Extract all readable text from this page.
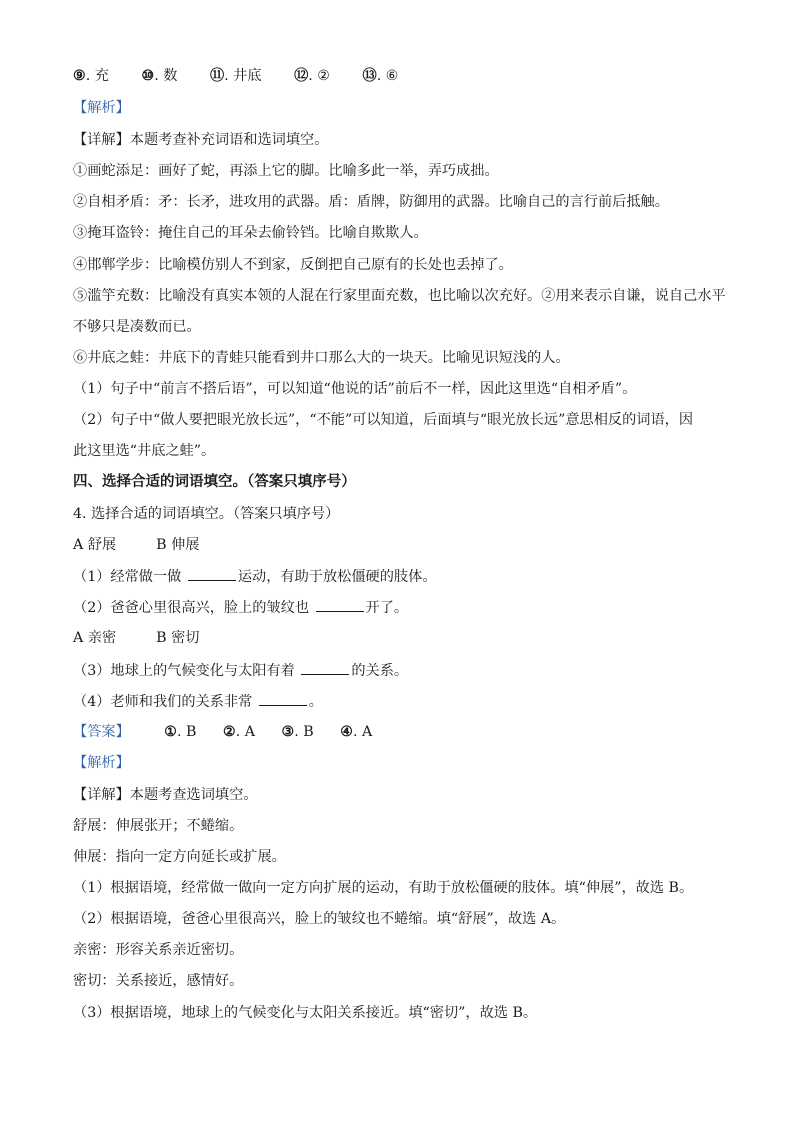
⑨. 充 ⑩. 数 ⑪. 井底 ⑫. ② ⑬. ⑥
【解析】
【详解】本题考查补充词语和选词填空。
①画蛇添足：画好了蛇，再添上它的脚。比喻多此一举，弄巧成拙。
②自相矛盾：矛：长矛，进攻用的武器。盾：盾牌，防御用的武器。比喻自己的言行前后抵触。
③掩耳盗铃：掩住自己的耳朵去偷铃铛。比喻自欺欺人。
④邯郸学步：比喻模仿别人不到家，反倒把自己原有的长处也丢掉了。
⑤滥竽充数：比喻没有真实本领的人混在行家里面充数，也比喻以次充好。②用来表示自谦，说自己水平
不够只是凑数而已。
⑥井底之蛙：井底下的青蛙只能看到井口那么大的一块天。比喻见识短浅的人。
（1）句子中“前言不搭后语”，可以知道“他说的话”前后不一样，因此这里选“自相矛盾”。
（2）句子中“做人要把眼光放长远”，“不能”可以知道，后面填与“眼光放长远”意思相反的词语，因
此这里选“井底之蛙”。
四、选择合适的词语填空。（答案只填序号）
4. 选择合适的词语填空。（答案只填序号）
A 舒展	B 伸展
（1）经常做一做	运动，有助于放松僵硬的肢体。
（2）爸爸心里很高兴，脸上的皱纹也	开了。
A 亲密	B 密切
（3）地球上的气候变化与太阳有着	的关系。
（4）老师和我们的关系非常	。
【答案】 ①. B ②. A ③. B ④. A
【解析】
【详解】本题考查选词填空。
舒展：伸展张开；不蜷缩。
伸展：指向一定方向延长或扩展。
（1）根据语境，经常做一做向一定方向扩展的运动，有助于放松僵硬的肢体。填“伸展”，故选 B。
（2）根据语境，爸爸心里很高兴，脸上的皱纹也不蜷缩。填“舒展”，故选 A。
亲密：形容关系亲近密切。
密切：关系接近，感情好。
（3）根据语境，地球上的气候变化与太阳关系接近。填“密切”，故选 B。
